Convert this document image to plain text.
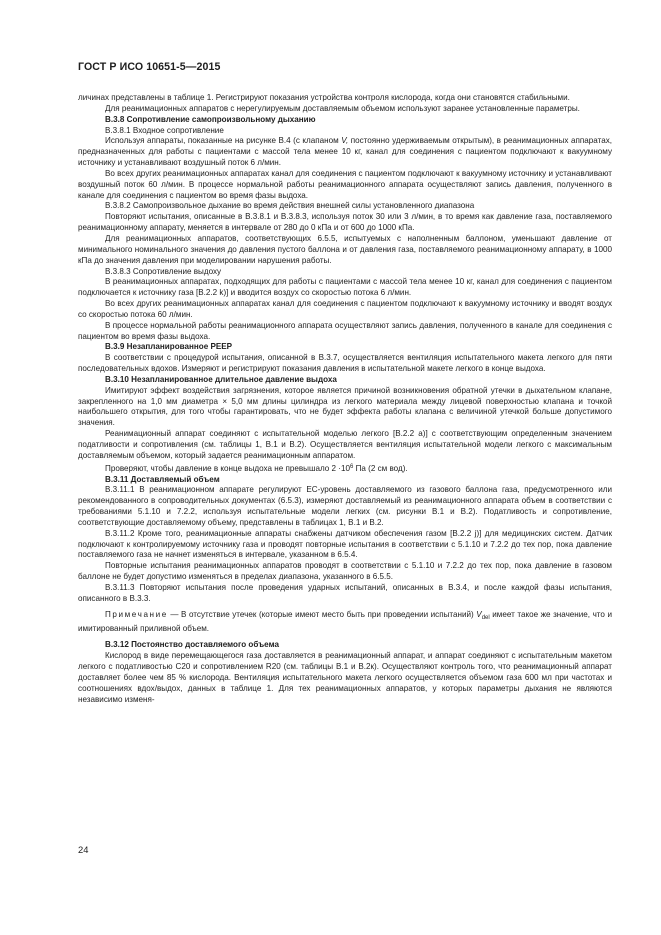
ГОСТ Р ИСО 10651-5—2015
личинах представлены в таблице 1. Регистрируют показания устройства контроля кислорода, когда они становятся стабильными.
Для реанимационных аппаратов с нерегулируемым доставляемым объемом используют заранее установленные параметры.
B.3.8 Сопротивление самопроизвольному дыханию
B.3.8.1 Входное сопротивление
Используя аппараты, показанные на рисунке B.4 (с клапаном V, постоянно удерживаемым открытым), в реанимационных аппаратах, предназначенных для работы с пациентами с массой тела менее 10 кг, канал для соединения с пациентом подключают к вакуумному источнику и устанавливают воздушный поток 6 л/мин.
Во всех других реанимационных аппаратах канал для соединения с пациентом подключают к вакуумному источнику и устанавливают воздушный поток 60 л/мин. В процессе нормальной работы реанимационного аппарата осуществляют запись давления, полученного в канале для соединения с пациентом во время фазы выдоха.
B.3.8.2 Самопроизвольное дыхание во время действия внешней силы установленного диапазона
Повторяют испытания, описанные в B.3.8.1 и B.3.8.3, используя поток 30 или 3 л/мин, в то время как давление газа, поставляемого реанимационному аппарату, меняется в интервале от 280 до 0 кПа и от 600 до 1000 кПа.
Для реанимационных аппаратов, соответствующих 6.5.5, испытуемых с наполненным баллоном, уменьшают давление от минимального номинального значения до давления пустого баллона и от давления газа, поставляемого реанимационному аппарату, в 1000 кПа до значения давления при моделировании нарушения работы.
B.3.8.3 Сопротивление выдоху
В реанимационных аппаратах, подходящих для работы с пациентами с массой тела менее 10 кг, канал для соединения с пациентом подключается к источнику газа [B.2.2 k)] и вводится воздух со скоростью потока 6 л/мин.
Во всех других реанимационных аппаратах канал для соединения с пациентом подключают к вакуумному источнику и вводят воздух со скоростью потока 60 л/мин.
В процессе нормальной работы реанимационного аппарата осуществляют запись давления, полученного в канале для соединения с пациентом во время фазы выдоха.
B.3.9 Незапланированное PEEP
В соответствии с процедурой испытания, описанной в B.3.7, осуществляется вентиляция испытательного макета легкого для пяти последовательных вдохов. Измеряют и регистрируют показания давления в испытательной макете легкого в конце выдоха.
B.3.10 Незапланированное длительное давление выдоха
Имитируют эффект воздействия загрязнения, которое является причиной возникновения обратной утечки в дыхательном клапане, закрепленного на 1,0 мм диаметра × 5,0 мм длины цилиндра из легкого материала между лицевой поверхностью клапана и точкой наибольшего открытия, для того чтобы гарантировать, что не будет эффекта работы клапана с величиной утечкой больше допустимого значения.
Реанимационный аппарат соединяют с испытательной моделью легкого [B.2.2 a)] с соответствующим определенным значением податливости и сопротивления (см. таблицы 1, B.1 и B.2). Осуществляется вентиляция испытательной модели легкого с максимальным доставляемым объемом, который задается реанимационным аппаратом.
Проверяют, чтобы давление в конце выдоха не превышало $2 \cdot 10^6$ Па (2 см вод).
B.3.11 Доставляемый объем
B.3.11.1 В реанимационном аппарате регулируют EC-уровень доставляемого из газового баллона газа, предусмотренного или рекомендованного в сопроводительных документах (6.5.3), измеряют доставляемый из реанимационного аппарата объем в соответствии с требованиями 5.1.10 и 7.2.2, используя испытательные модели легких (см. рисунки B.1 и B.2). Податливость и сопротивление, соответствующие доставляемому объему, представлены в таблицах 1, B.1 и B.2.
B.3.11.2 Кроме того, реанимационные аппараты снабжены датчиком обеспечения газом [B.2.2 j)] для медицинских систем. Датчик подключают к контролируемому источнику газа и проводят повторные испытания в соответствии с 5.1.10 и 7.2.2 до тех пор, пока давление поставляемого газа не начнет изменяться в интервале, указанном в 6.5.4.
Повторные испытания реанимационных аппаратов проводят в соответствии с 5.1.10 и 7.2.2 до тех пор, пока давление в газовом баллоне не будет допустимо изменяться в пределах диапазона, указанного в 6.5.5.
B.3.11.3 Повторяют испытания после проведения ударных испытаний, описанных в B.3.4, и после каждой фазы испытания, описанного в B.3.3.
Примечание — В отсутствие утечек (которые имеют место быть при проведении испытаний) $V_{del}$ имеет такое же значение, что и имитированный приливной объем.
B.3.12 Постоянство доставляемого объема
Кислород в виде перемещающегося газа доставляется в реанимационный аппарат, и аппарат соединяют с испытательным макетом легкого с податливостью C20 и сопротивлением R20 (см. таблицы B.1 и B.2к). Осуществляют контроль того, что реанимационный аппарат доставляет более чем 85 % кислорода. Вентиляция испытательного макета легкого осуществляется объемом газа 600 мл при частотах и соотношениях вдох/выдох, данных в таблице 1. Для тех реанимационных аппаратов, у которых параметры дыхания не являются независимо изменя-
24
